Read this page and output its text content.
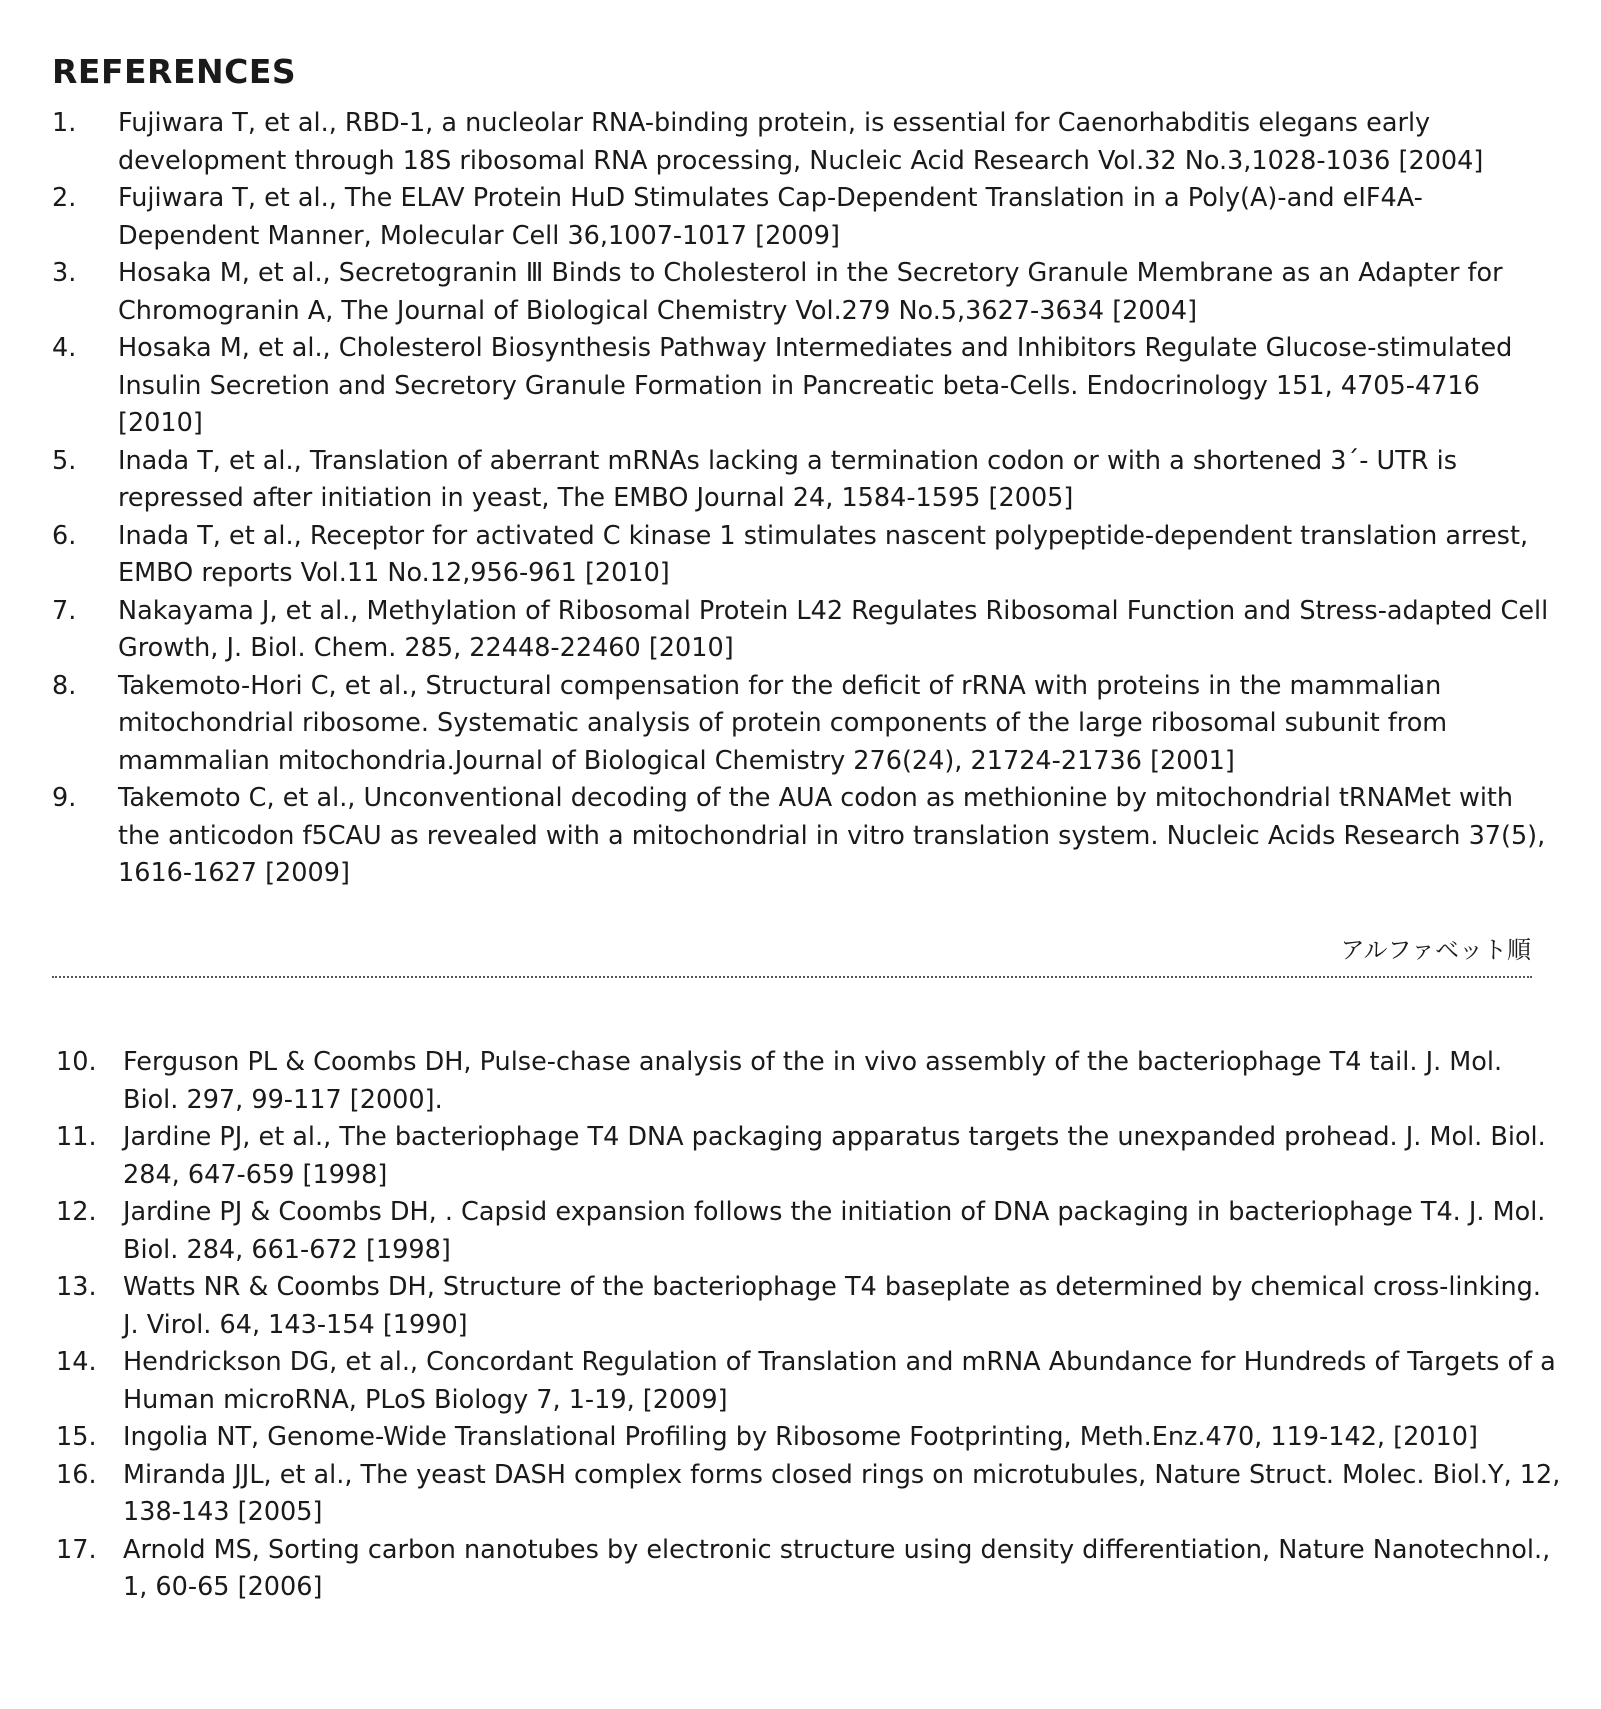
REFERENCES
1. Fujiwara T, et al., RBD-1, a nucleolar RNA-binding protein, is essential for Caenorhabditis elegans early development through 18S ribosomal RNA processing, Nucleic Acid Research Vol.32 No.3,1028-1036 [2004]
2. Fujiwara T, et al., The ELAV Protein HuD Stimulates Cap-Dependent Translation in a Poly(A)-and eIF4A-Dependent Manner, Molecular Cell 36,1007-1017 [2009]
3. Hosaka M, et al., Secretogranin Ⅲ Binds to Cholesterol in the Secretory Granule Membrane as an Adapter for Chromogranin A, The Journal of Biological Chemistry Vol.279 No.5,3627-3634 [2004]
4. Hosaka M, et al., Cholesterol Biosynthesis Pathway Intermediates and Inhibitors Regulate Glucose-stimulated Insulin Secretion and Secretory Granule Formation in Pancreatic beta-Cells. Endocrinology 151, 4705-4716 [2010]
5. Inada T, et al., Translation of aberrant mRNAs lacking a termination codon or with a shortened 3´- UTR is repressed after initiation in yeast, The EMBO Journal 24, 1584-1595 [2005]
6. Inada T, et al., Receptor for activated C kinase 1 stimulates nascent polypeptide-dependent translation arrest, EMBO reports Vol.11 No.12,956-961 [2010]
7. Nakayama J, et al., Methylation of Ribosomal Protein L42 Regulates Ribosomal Function and Stress-adapted Cell Growth, J. Biol. Chem. 285, 22448-22460 [2010]
8. Takemoto-Hori C, et al., Structural compensation for the deficit of rRNA with proteins in the mammalian mitochondrial ribosome. Systematic analysis of protein components of the large ribosomal subunit from mammalian mitochondria.Journal of Biological Chemistry 276(24), 21724-21736 [2001]
9. Takemoto C, et al., Unconventional decoding of the AUA codon as methionine by mitochondrial tRNAMet with the anticodon f5CAU as revealed with a mitochondrial in vitro translation system. Nucleic Acids Research 37(5), 1616-1627 [2009]
アルファベット順
10. Ferguson PL & Coombs DH, Pulse-chase analysis of the in vivo assembly of the bacteriophage T4 tail. J. Mol. Biol. 297, 99-117 [2000].
11. Jardine PJ, et al., The bacteriophage T4 DNA packaging apparatus targets the unexpanded prohead. J. Mol. Biol. 284, 647-659 [1998]
12. Jardine PJ & Coombs DH, . Capsid expansion follows the initiation of DNA packaging in bacteriophage T4. J. Mol. Biol. 284, 661-672 [1998]
13. Watts NR & Coombs DH, Structure of the bacteriophage T4 baseplate as determined by chemical cross-linking. J. Virol. 64, 143-154 [1990]
14. Hendrickson DG, et al., Concordant Regulation of Translation and mRNA Abundance for Hundreds of Targets of a Human microRNA, PLoS Biology 7, 1-19, [2009]
15. Ingolia NT, Genome-Wide Translational Profiling by Ribosome Footprinting, Meth.Enz.470, 119-142, [2010]
16. Miranda JJL, et al., The yeast DASH complex forms closed rings on microtubules, Nature Struct. Molec. Biol.Y, 12, 138-143 [2005]
17. Arnold MS, Sorting carbon nanotubes by electronic structure using density differentiation, Nature Nanotechnol., 1, 60-65 [2006]
